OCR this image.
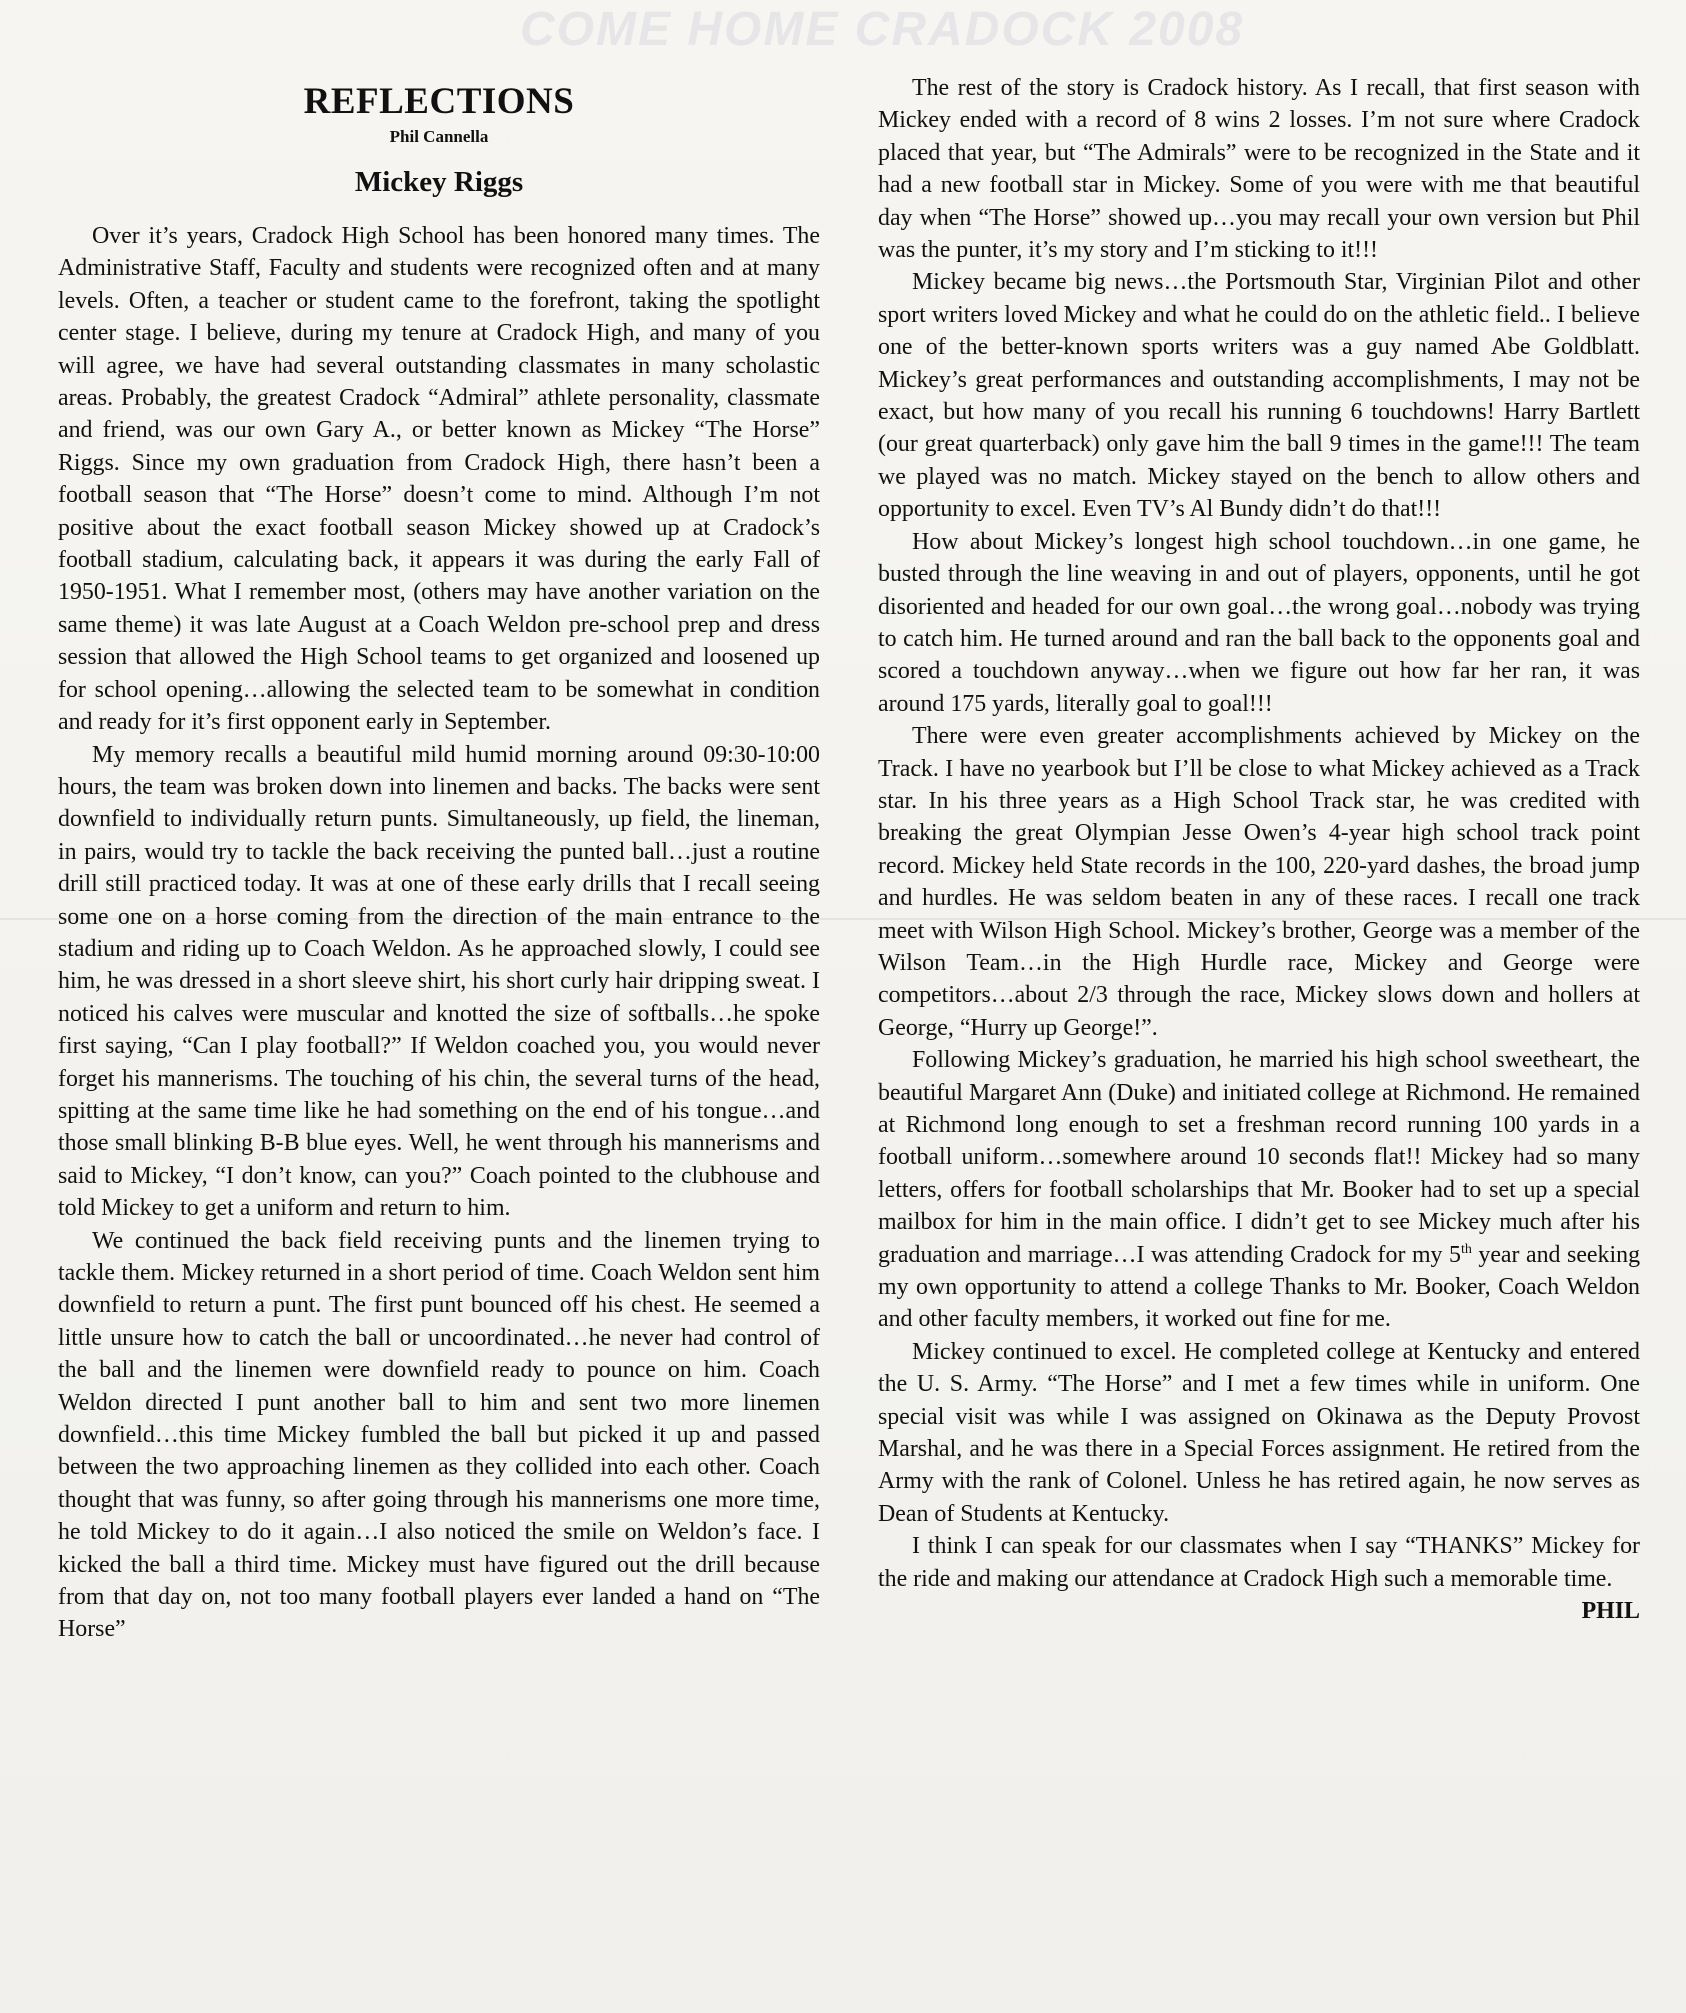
COME HOME CRADOCK 2008
REFLECTIONS
Phil Cannella
Mickey Riggs

Over it’s years, Cradock High School has been honored many times. The Administrative Staff, Faculty and students were recognized often and at many levels. Often, a teacher or student came to the forefront, taking the spotlight center stage. I believe, during my tenure at Cradock High, and many of you will agree, we have had several outstanding classmates in many scholastic areas. Probably, the greatest Cradock “Admiral” athlete personality, classmate and friend, was our own Gary A., or better known as Mickey “The Horse” Riggs. Since my own graduation from Cradock High, there hasn’t been a football season that “The Horse” doesn’t come to mind. Although I’m not positive about the exact football season Mickey showed up at Cradock’s football stadium, calculating back, it appears it was during the early Fall of 1950-1951. What I remember most, (others may have another variation on the same theme) it was late August at a Coach Weldon pre-school prep and dress session that allowed the High School teams to get organized and loosened up for school opening…allowing the selected team to be somewhat in condition and ready for it’s first opponent early in September.

My memory recalls a beautiful mild humid morning around 09:30-10:00 hours, the team was broken down into linemen and backs. The backs were sent downfield to individually return punts. Simultaneously, up field, the lineman, in pairs, would try to tackle the back receiving the punted ball…just a routine drill still practiced today. It was at one of these early drills that I recall seeing some one on a horse coming from the direction of the main entrance to the stadium and riding up to Coach Weldon. As he approached slowly, I could see him, he was dressed in a short sleeve shirt, his short curly hair dripping sweat. I noticed his calves were muscular and knotted the size of softballs…he spoke first saying, “Can I play football?” If Weldon coached you, you would never forget his mannerisms. The touching of his chin, the several turns of the head, spitting at the same time like he had something on the end of his tongue…and those small blinking B-B blue eyes. Well, he went through his mannerisms and said to Mickey, “I don’t know, can you?” Coach pointed to the clubhouse and told Mickey to get a uniform and return to him.

We continued the back field receiving punts and the linemen trying to tackle them. Mickey returned in a short period of time. Coach Weldon sent him downfield to return a punt. The first punt bounced off his chest. He seemed a little unsure how to catch the ball or uncoordinated…he never had control of the ball and the linemen were downfield ready to pounce on him. Coach Weldon directed I punt another ball to him and sent two more linemen downfield…this time Mickey fumbled the ball but picked it up and passed between the two approaching linemen as they collided into each other. Coach thought that was funny, so after going through his mannerisms one more time, he told Mickey to do it again…I also noticed the smile on Weldon’s face. I kicked the ball a third time. Mickey must have figured out the drill because from that day on, not too many football players ever landed a hand on “The Horse”

The rest of the story is Cradock history. As I recall, that first season with Mickey ended with a record of 8 wins 2 losses. I’m not sure where Cradock placed that year, but “The Admirals” were to be recognized in the State and it had a new football star in Mickey. Some of you were with me that beautiful day when “The Horse” showed up…you may recall your own version but Phil was the punter, it’s my story and I’m sticking to it!!!

Mickey became big news…the Portsmouth Star, Virginian Pilot and other sport writers loved Mickey and what he could do on the athletic field.. I believe one of the better-known sports writers was a guy named Abe Goldblatt. Mickey’s great performances and outstanding accomplishments, I may not be exact, but how many of you recall his running 6 touchdowns! Harry Bartlett (our great quarterback) only gave him the ball 9 times in the game!!! The team we played was no match. Mickey stayed on the bench to allow others and opportunity to excel. Even TV’s Al Bundy didn’t do that!!!

How about Mickey’s longest high school touchdown…in one game, he busted through the line weaving in and out of players, opponents, until he got disoriented and headed for our own goal…the wrong goal…nobody was trying to catch him. He turned around and ran the ball back to the opponents goal and scored a touchdown anyway…when we figure out how far her ran, it was around 175 yards, literally goal to goal!!!

There were even greater accomplishments achieved by Mickey on the Track. I have no yearbook but I’ll be close to what Mickey achieved as a Track star. In his three years as a High School Track star, he was credited with breaking the great Olympian Jesse Owen’s 4-year high school track point record. Mickey held State records in the 100, 220-yard dashes, the broad jump and hurdles. He was seldom beaten in any of these races. I recall one track meet with Wilson High School. Mickey’s brother, George was a member of the Wilson Team…in the High Hurdle race, Mickey and George were competitors…about 2/3 through the race, Mickey slows down and hollers at George, “Hurry up George!”.

Following Mickey’s graduation, he married his high school sweetheart, the beautiful Margaret Ann (Duke) and initiated college at Richmond. He remained at Richmond long enough to set a freshman record running 100 yards in a football uniform…somewhere around 10 seconds flat!! Mickey had so many letters, offers for football scholarships that Mr. Booker had to set up a special mailbox for him in the main office. I didn’t get to see Mickey much after his graduation and marriage…I was attending Cradock for my 5th year and seeking my own opportunity to attend a college Thanks to Mr. Booker, Coach Weldon and other faculty members, it worked out fine for me.

Mickey continued to excel. He completed college at Kentucky and entered the U. S. Army. “The Horse” and I met a few times while in uniform. One special visit was while I was assigned on Okinawa as the Deputy Provost Marshal, and he was there in a Special Forces assignment. He retired from the Army with the rank of Colonel. Unless he has retired again, he now serves as Dean of Students at Kentucky.

I think I can speak for our classmates when I say “THANKS” Mickey for the ride and making our attendance at Cradock High such a memorable time.
PHIL
